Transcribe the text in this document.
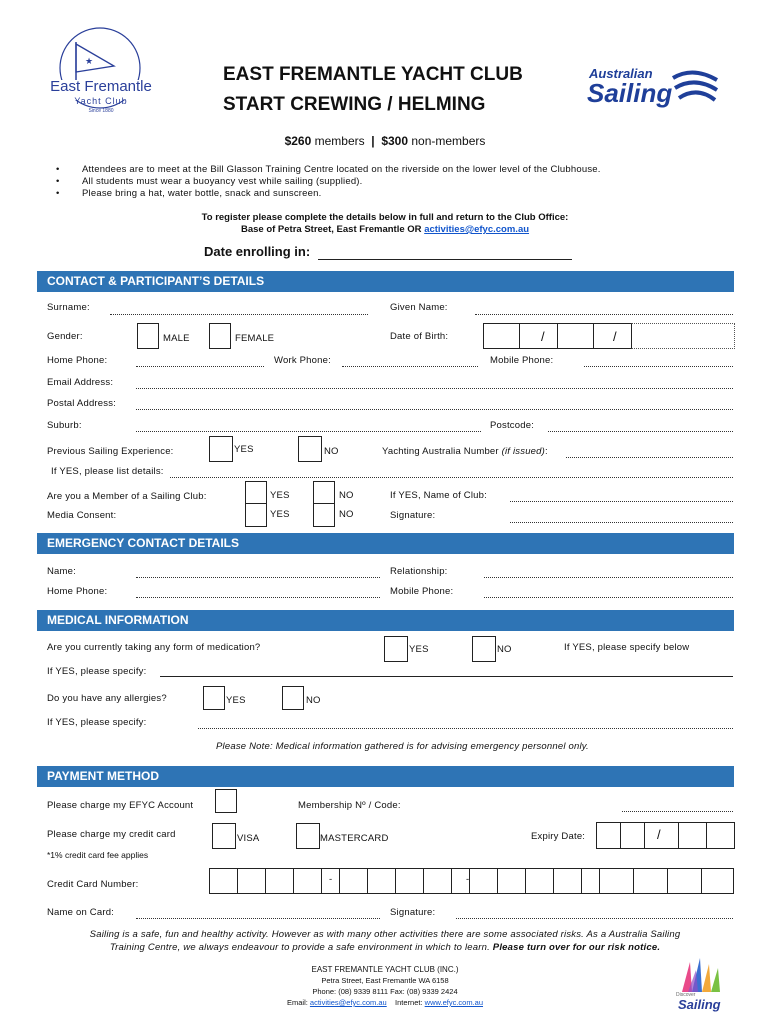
★
East Fremantle
Yacht Club
Since 1880
EAST FREMANTLE YACHT CLUB
START CREWING / HELMING
Australian
Sailing
$260 members | $300 non-members
• Attendees are to meet at the Bill Glasson Training Centre located on the riverside on the lower level of the Clubhouse.
• All students must wear a buoyancy vest while sailing (supplied).
• Please bring a hat, water bottle, snack and sunscreen.
To register please complete the details below in full and return to the Club Office:
Base of Petra Street, East Fremantle OR activities@efyc.com.au
Date enrolling in:
CONTACT & PARTICIPANT’S DETAILS
Surname:	Given Name:
Gender:	MALE	FEMALE	Date of Birth:	/	/
Home Phone:	Work Phone:	Mobile Phone:
Email Address:
Postal Address:
Suburb:	Postcode:
Previous Sailing Experience:	YES	NO	Yachting Australia Number (if issued):
If YES, please list details:
Are you a Member of a Sailing Club:	YES	NO	If YES, Name of Club:
Media Consent:	YES	NO	Signature:
EMERGENCY CONTACT DETAILS
Name:	Relationship:
Home Phone:	Mobile Phone:
MEDICAL INFORMATION
Are you currently taking any form of medication?	YES	NO	If YES, please specify below
If YES, please specify:
Do you have any allergies?	YES	NO
If YES, please specify:
Please Note: Medical information gathered is for advising emergency personnel only.
PAYMENT METHOD
Please charge my EFYC Account	Membership Nº / Code:
Please charge my credit card	VISA	MASTERCARD	Expiry Date:	/
*1% credit card fee applies
Credit Card Number:	-	-
Name on Card:	Signature:
Sailing is a safe, fun and healthy activity. However as with many other activities there are some associated risks. As a Australia Sailing
Training Centre, we always endeavour to provide a safe environment in which to learn. Please turn over for our risk notice.
EAST FREMANTLE YACHT CLUB (INC.)
Petra Street, East Fremantle WA 6158
Phone: (08) 9339 8111 Fax: (08) 9339 2424
Email: activities@efyc.com.au    Internet: www.efyc.com.au
Discover
Sailing
